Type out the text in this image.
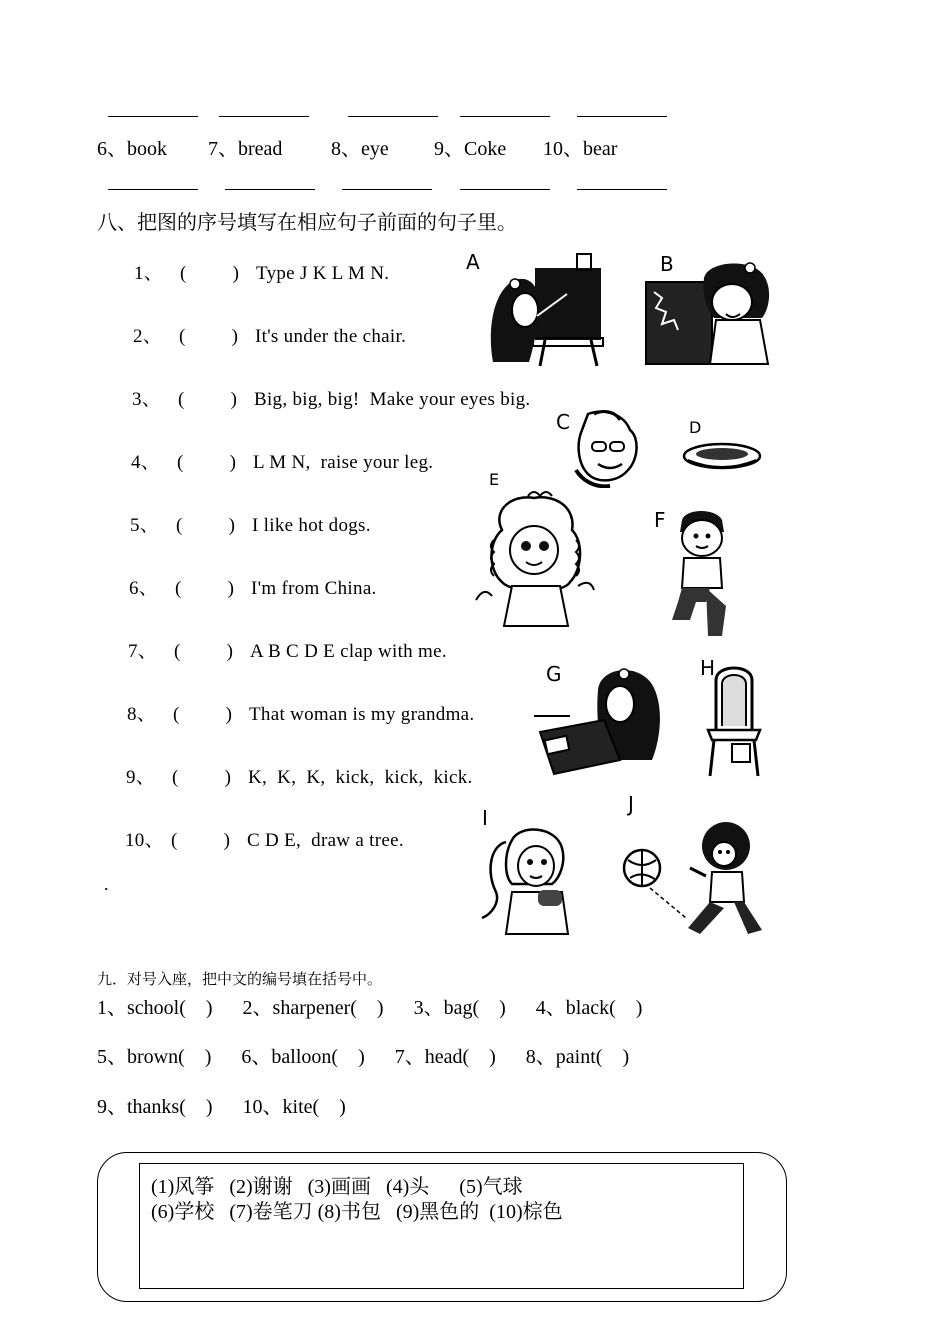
6、book 7、bread 8、eye 9、Coke 10、bear
八、把图的序号填写在相应句子前面的句子里。
1、 ( ) Type J K L M N.
2、 ( ) It's under the chair.
3、 ( ) Big, big, big!  Make your eyes big.
4、 ( ) L M N,  raise your leg.
5、 ( ) I like hot dogs.
6、 ( ) I'm from China.
7、 ( ) A B C D E clap with me.
8、 ( ) That woman is my grandma.
9、 ( ) K,  K,  K,  kick,  kick,  kick.
10、 ( ) C D E,  draw a tree.
.
A	B
C	D
E
F
G	H
I
J
九．对号入座，把中文的编号填在括号中。
1、school(    )      2、sharpener(    )      3、bag(    )      4、black(    )
5、brown(    )      6、balloon(    )      7、head(    )      8、paint(    )
9、thanks(    )      10、kite(    )
(1)风筝   (2)谢谢   (3)画画   (4)头      (5)气球
(6)学校   (7)卷笔刀 (8)书包   (9)黑色的  (10)棕色
